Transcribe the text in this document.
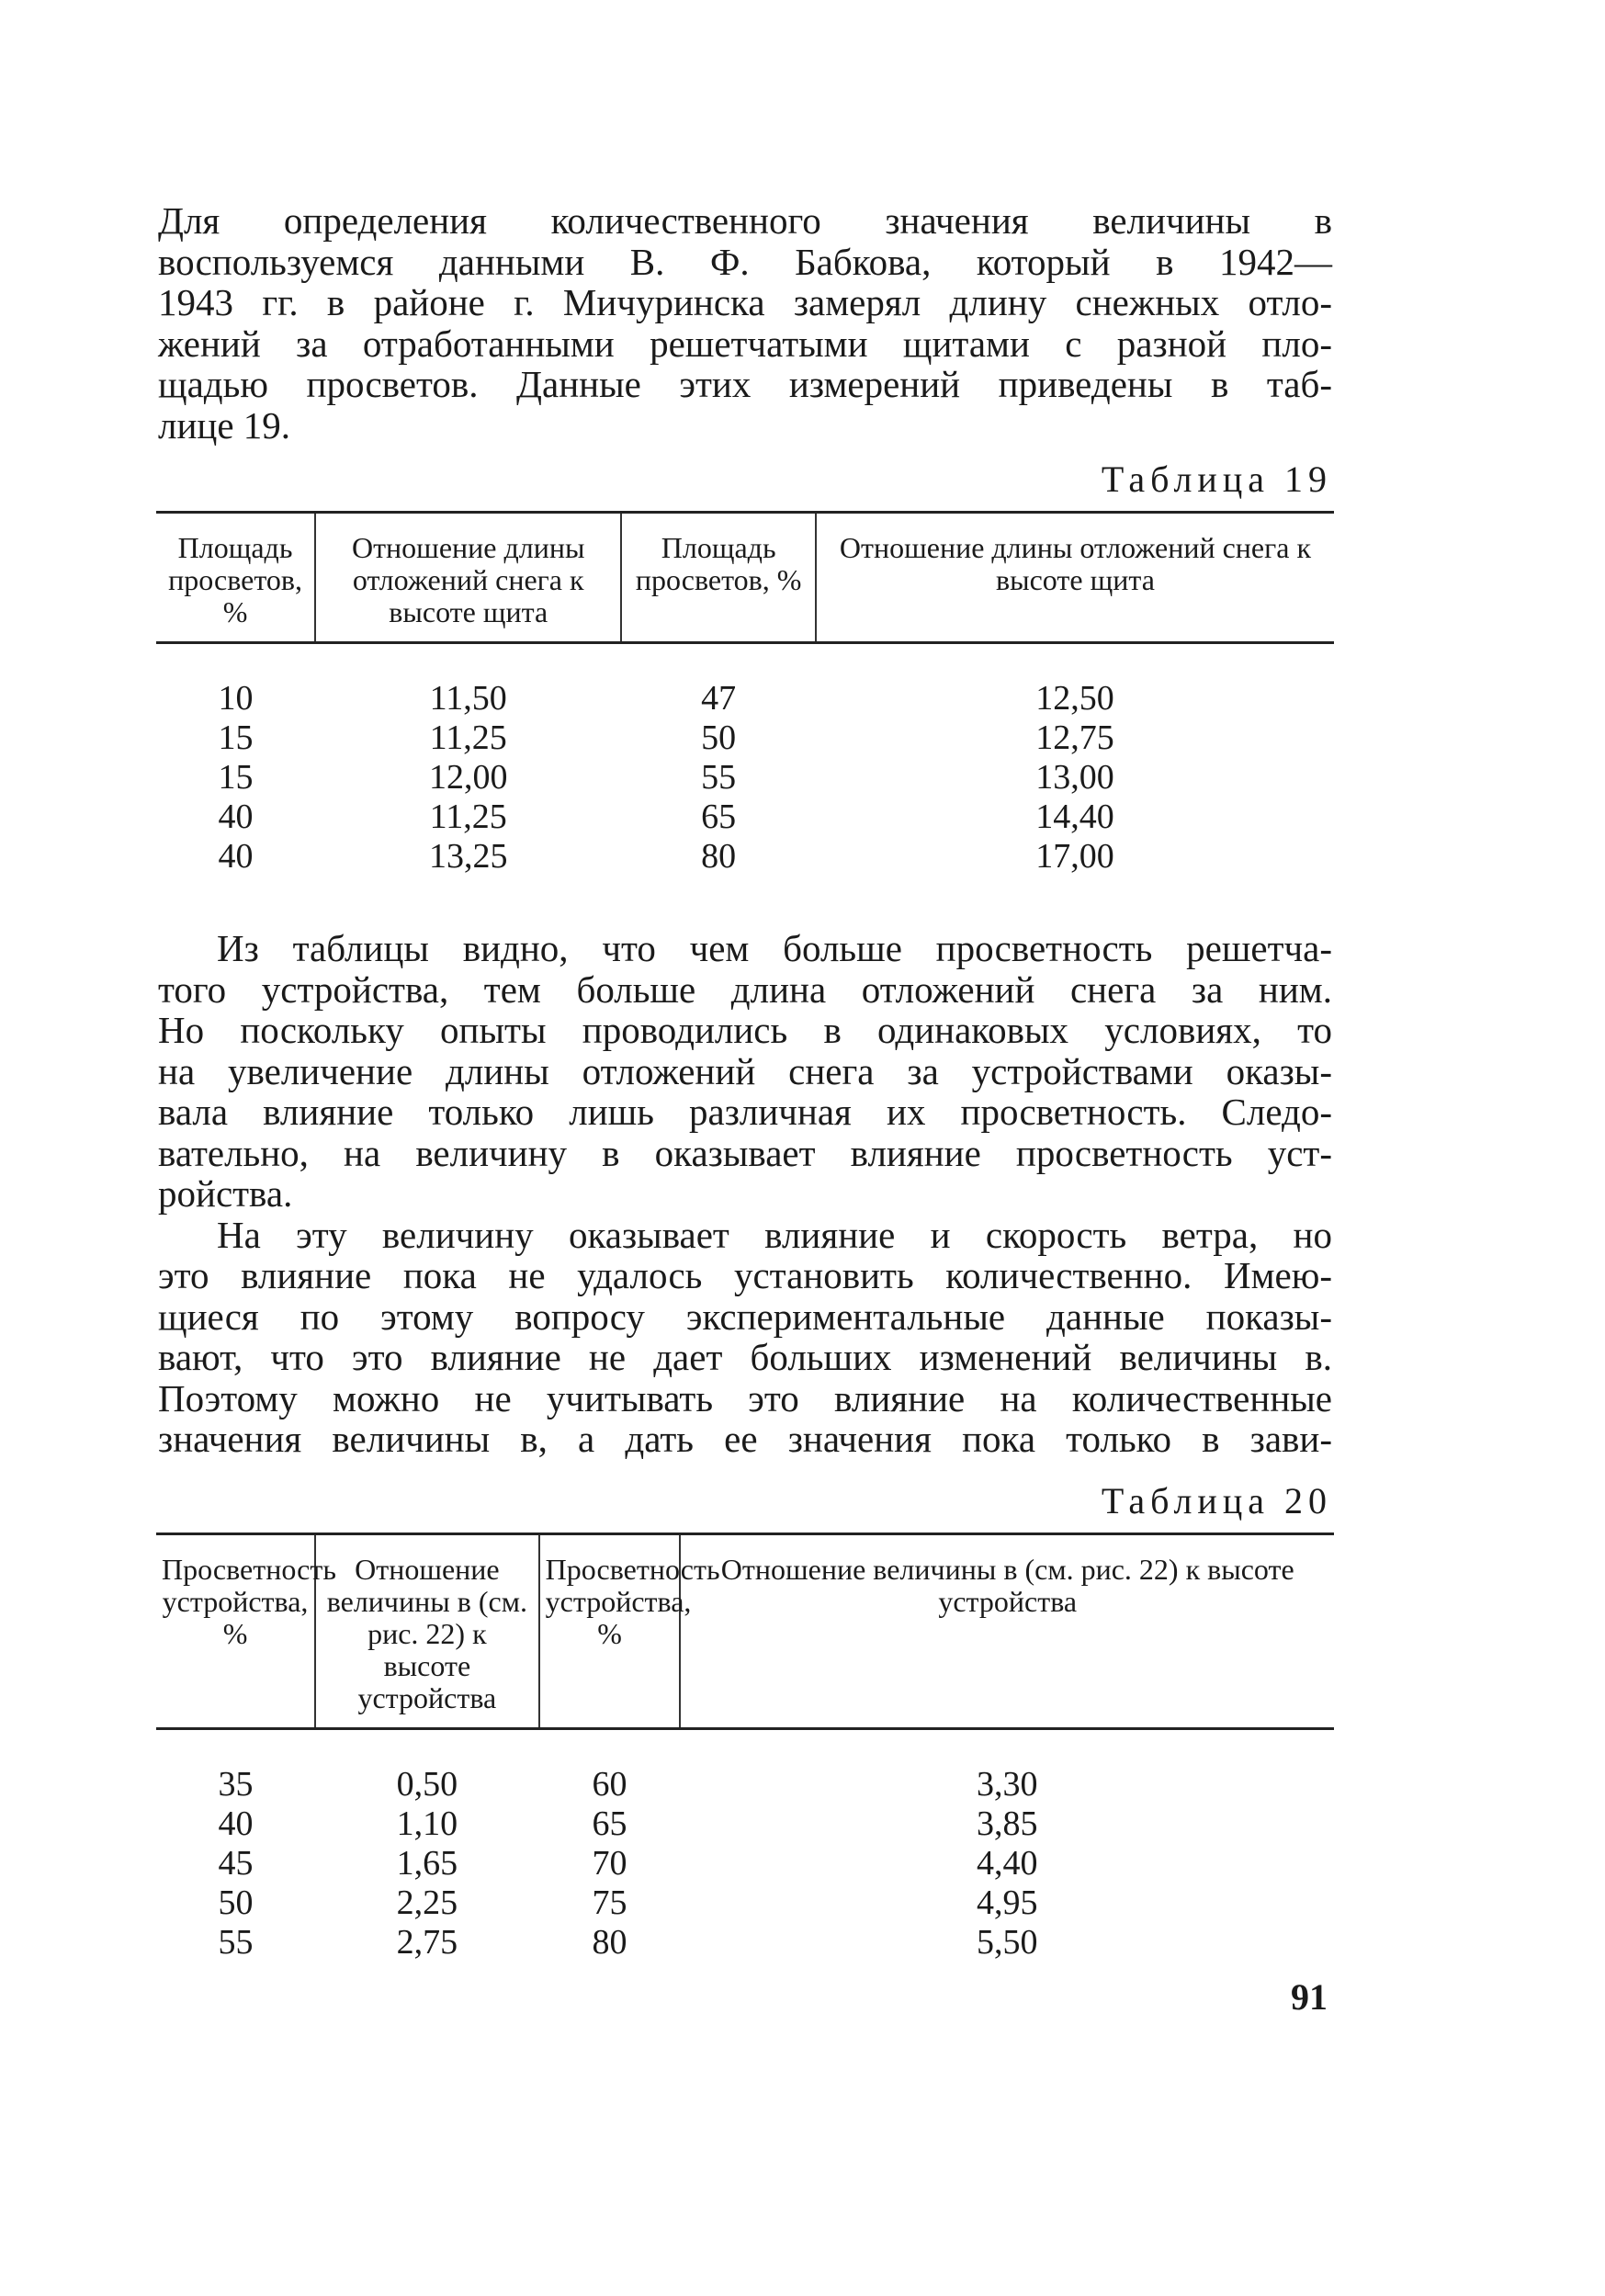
Для определения количественного значения величины в
воспользуемся данными В. Ф. Бабкова, который в 1942—
1943 гг. в районе г. Мичуринска замерял длину снежных отло-
жений за отработанными решетчатыми щитами с разной пло-
щадью просветов. Данные этих измерений приведены в таб-
лице 19.
Таблица 19
Площадь просветов, %	Отношение длины отложений снега к высоте щита	Площадь просветов, %	Отношение длины отложений снега к высоте щита
10	11,50	47	12,50
15	11,25	50	12,75
15	12,00	55	13,00
40	11,25	65	14,40
40	13,25	80	17,00
Из таблицы видно, что чем больше просветность решетча-
того устройства, тем больше длина отложений снега за ним.
Но поскольку опыты проводились в одинаковых условиях, то
на увеличение длины отложений снега за устройствами оказы-
вала влияние только лишь различная их просветность. Следо-
вательно, на величину в оказывает влияние просветность уст-
ройства.
На эту величину оказывает влияние и скорость ветра, но
это влияние пока не удалось установить количественно. Имею-
щиеся по этому вопросу экспериментальные данные показы-
вают, что это влияние не дает больших изменений величины в.
Поэтому можно не учитывать это влияние на количественные
значения величины в, а дать ее значения пока только в зави-
Таблица 20
Просветность устройства, %	Отношение величины в (см. рис. 22) к высоте устройства	Просветность устройства, %	Отношение величины в (см. рис. 22) к высоте устройства
35	0,50	60	3,30
40	1,10	65	3,85
45	1,65	70	4,40
50	2,25	75	4,95
55	2,75	80	5,50
91
